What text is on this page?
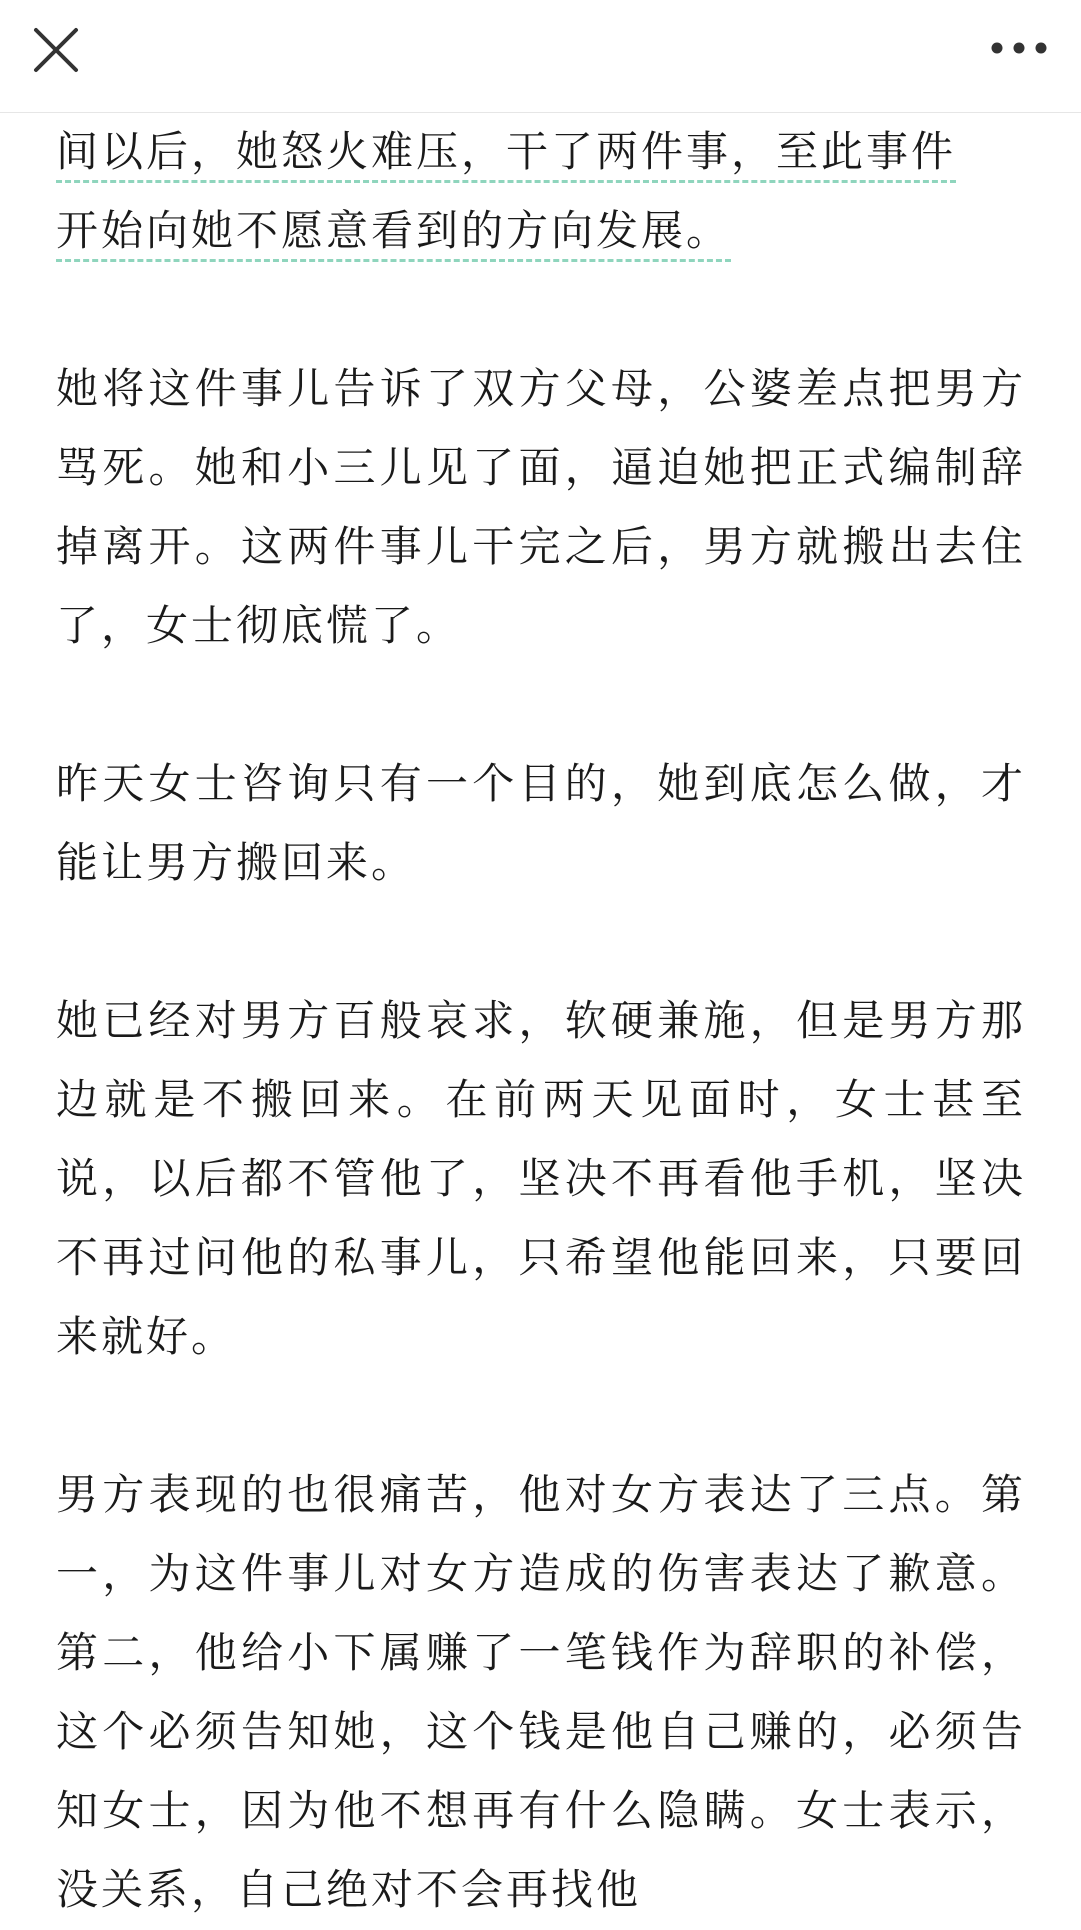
间以后，她怒火难压，干了两件事，至此事件
开始向她不愿意看到的方向发展。

她将这件事儿告诉了双方父母，公婆差点把男方骂死。她和小三儿见了面，逼迫她把正式编制辞掉离开。这两件事儿干完之后，男方就搬出去住了，女士彻底慌了。

昨天女士咨询只有一个目的，她到底怎么做，才能让男方搬回来。

她已经对男方百般哀求，软硬兼施，但是男方那边就是不搬回来。在前两天见面时，女士甚至说，以后都不管他了，坚决不再看他手机，坚决不再过问他的私事儿，只希望他能回来，只要回来就好。

男方表现的也很痛苦，他对女方表达了三点。第一，为这件事儿对女方造成的伤害表达了歉意。第二，他给小下属赚了一笔钱作为辞职的补偿，这个必须告知她，这个钱是他自己赚的，必须告知女士，因为他不想再有什么隐瞒。女士表示，没关系，自己绝对不会再找他
